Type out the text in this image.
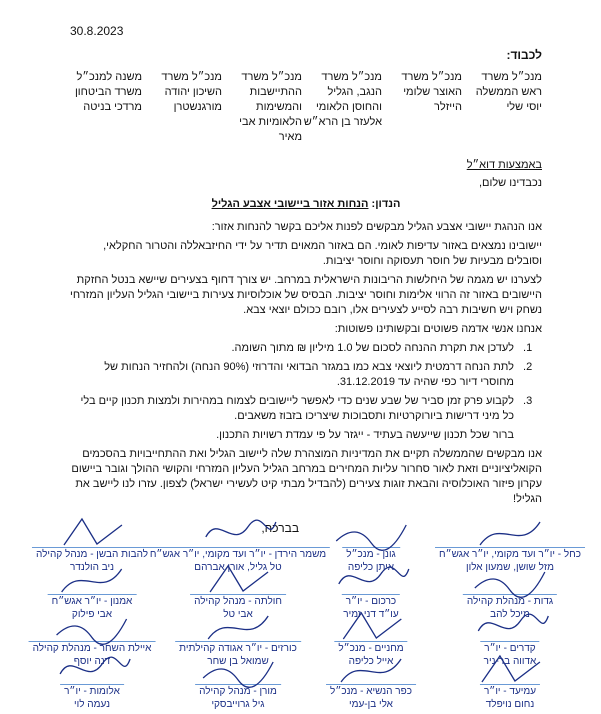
30.8.2023
לכבוד:
מנכ״ל משרד ראש הממשלה יוסי שלי
מנכ״ל משרד האוצר שלומי הייזלר
מנכ״ל משרד הנגב, הגליל והחוסן הלאומי אלעזר בן הרא״ש
מנכ״ל משרד ההתיישבות והמשימות הלאומיות אבי מאיר
מנכ״ל משרד השיכון יהודה מורגנשטרן
משנה למנכ״ל משרד הביטחון מרדכי בניטה
באמצעות דוא״ל

נכבדינו שלום,

הנדון: הנחות אזור ביישובי אצבע הגליל

אנו הנהגת יישובי אצבע הגליל מבקשים לפנות אליכם בקשר להנחות אזור:

יישובינו נמצאים באזור עדיפות לאומי. הם באזור המאוים תדיר על ידי החיזבאללה והטרור החקלאי, וסובלים מבעיות של חוסר תעסוקה וחוסר יציבות.

לצערנו יש מגמה של היחלשות הריבונות הישראלית במרחב. יש צורך דחוף בצעירים שיישא בנטל החזקת היישובים באזור זה הרווי אלימות וחוסר יציבות. הבסיס של אוכלוסיות צעירות ביישובי הגליל העליון המזרחי נשחק ויש חשיבות רבה לסייע לצעירים אלו, רובם ככולם יוצאי צבא.

אנחנו אנשי אדמה פשוטים ובקשותינו פשוטות:

1. לעדכן את תקרת ההנחה לסכום של 1.0 מיליון ₪ מתוך השומה.
2. לתת הנחה דרמטית ליוצאי צבא כמו במגזר הבדואי והדרוזי (90% הנחה) ולהחזיר הנחות של מחוסרי דיור כפי שהיה עד 31.12.2019.
3. לקבוע פרק זמן סביר של שבע שנים כדי לאפשר ליישובים לצמוח במהירות ולמצות תכנון קיים בלי כל מיני דרישות ביורוקרטיות ותסבוכות שיצריכו בזבוז משאבים.

ברור שכל תכנון שייעשה בעתיד - ייגזר על פי עמדת רשויות התכנון.

אנו מבקשים שהממשלה תקיים את המדיניות המוצהרת שלה ליישוב הגליל ואת ההתחייבויות בהסכמים הקואליציוניים וזאת לאור סחרור עליות המחירים במרחב הגליל העליון המזרחי והקושי ההולך וגובר ביישום עקרון פיזור האוכלוסיה והבאת זוגות צעירים (להבדיל מבתי קיט לעשירי ישראל) לצפון. עזרו לנו ליישב את הגליל!

בברכה,
כחל - יו״ר ועד מקומי, יו״ר אגש״ח
מזל שושן, שמעון אלון
גונן - מנכ״ל
איתן כליפה
משמר הירדן - יו״ר ועד מקומי, יו״ר אגש״ח
טל גליל, אורן אברהם
להבות הבשן - מנהל קהילה
ניב הולנדר
גדות - מנהלת קהילה
מיכל להב
כרכום - יו״ר
עו״ד דני זמיר
חולתה - מנהל קהילה
אבי טל
אמנון - יו״ר אגש״ח
אבי פילוק
קדרים - יו״ר
אדווה בר-ניר
מחניים - מנכ״ל
אייל כליפה
כורזים - יו״ר אגודה קהילתית
שמואל בן שחר
איילת השחר - מנהלת קהילה
דנה יוסף
עמיעד - יו״ר
נחום נויפלד
כפר הנשיא - מנכ״ל
אלי בן-עמי
מורן - מנהל קהילה
גיל גרוייבסקי
אלומות - יו״ר
נעמה לוי
